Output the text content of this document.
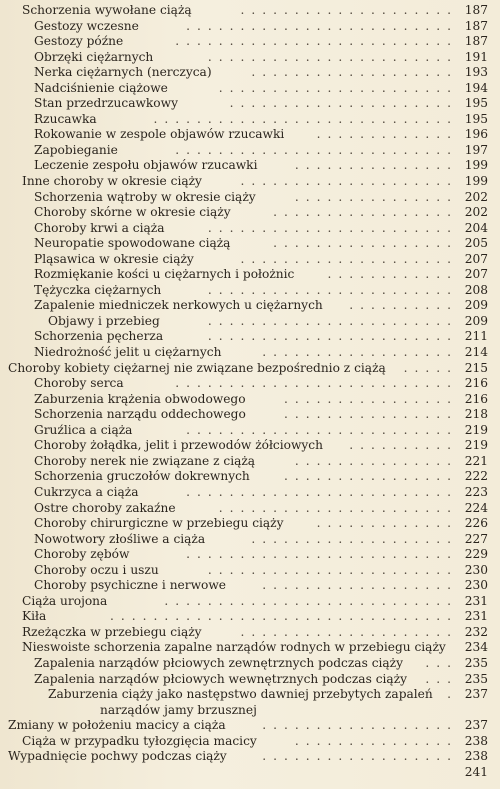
Schorzenia wywołane ciążą	.................... 187
Gestozy wczesne	......................... 187
Gestozy późne	.......................... 187
Obrzęki ciężarnych	....................... 191
Nerka ciężarnych (nerczyca)	................... 193
Nadciśnienie ciążowe	...................... 194
Stan przedrzucawkowy	..................... 195
Rzucawka	............................ 195
Rokowanie w zespole objawów rzucawki	............. 196
Zapobieganie	.......................... 197
Leczenie zespołu objawów rzucawki	............... 199
Inne choroby w okresie ciąży	.................... 199
Schorzenia wątroby w okresie ciąży	............... 202
Choroby skórne w okresie ciąży	................. 202
Choroby krwi a ciąża	....................... 204
Neuropatie spowodowane ciążą	................. 205
Pląsawica w okresie ciąży	.................... 207
Rozmiękanie kości u ciężarnych i położnic	............ 207
Tężyczka ciężarnych	....................... 208
Zapalenie miedniczek nerkowych u ciężarnych	.......... 209
Objawy i przebieg	....................... 209
Schorzenia pęcherza	....................... 211
Niedrożność jelit u ciężarnych	.................. 214
Choroby kobiety ciężarnej nie związane bezpośrednio z ciążą	..... 215
Choroby serca	.......................... 216
Zaburzenia krążenia obwodowego	................ 216
Schorzenia narządu oddechowego	................ 218
Gruźlica a ciąża	......................... 219
Choroby żołądka, jelit i przewodów żółciowych	.......... 219
Choroby nerek nie związane z ciążą	............... 221
Schorzenia gruczołów dokrewnych	................ 222
Cukrzyca a ciąża	......................... 223
Ostre choroby zakaźne	...................... 224
Choroby chirurgiczne w przebiegu ciąży	............. 226
Nowotwory złośliwe a ciąża	................... 227
Choroby zębów	......................... 229
Choroby oczu i uszu	....................... 230
Choroby psychiczne i nerwowe	.................. 230
Ciąża urojona	........................... 231
Kiła	................................ 231
Rzeżączka w przebiegu ciąży	.................... 232
Nieswoiste schorzenia zapalne narządów rodnych w przebiegu ciąży 234
Zapalenia narządów płciowych zewnętrznych podczas ciąży	... 235
Zapalenia narządów płciowych wewnętrznych podczas ciąży	... 235
Zaburzenia ciąży jako następstwo dawniej przebytych zapaleń	. 237
narządów jamy brzusznej
Zmiany w położeniu macicy a ciąża	.................. 237
Ciąża w przypadku tyłozgięcia macicy	............... 238
Wypadnięcie pochwy podczas ciąży	.................. 238
241
